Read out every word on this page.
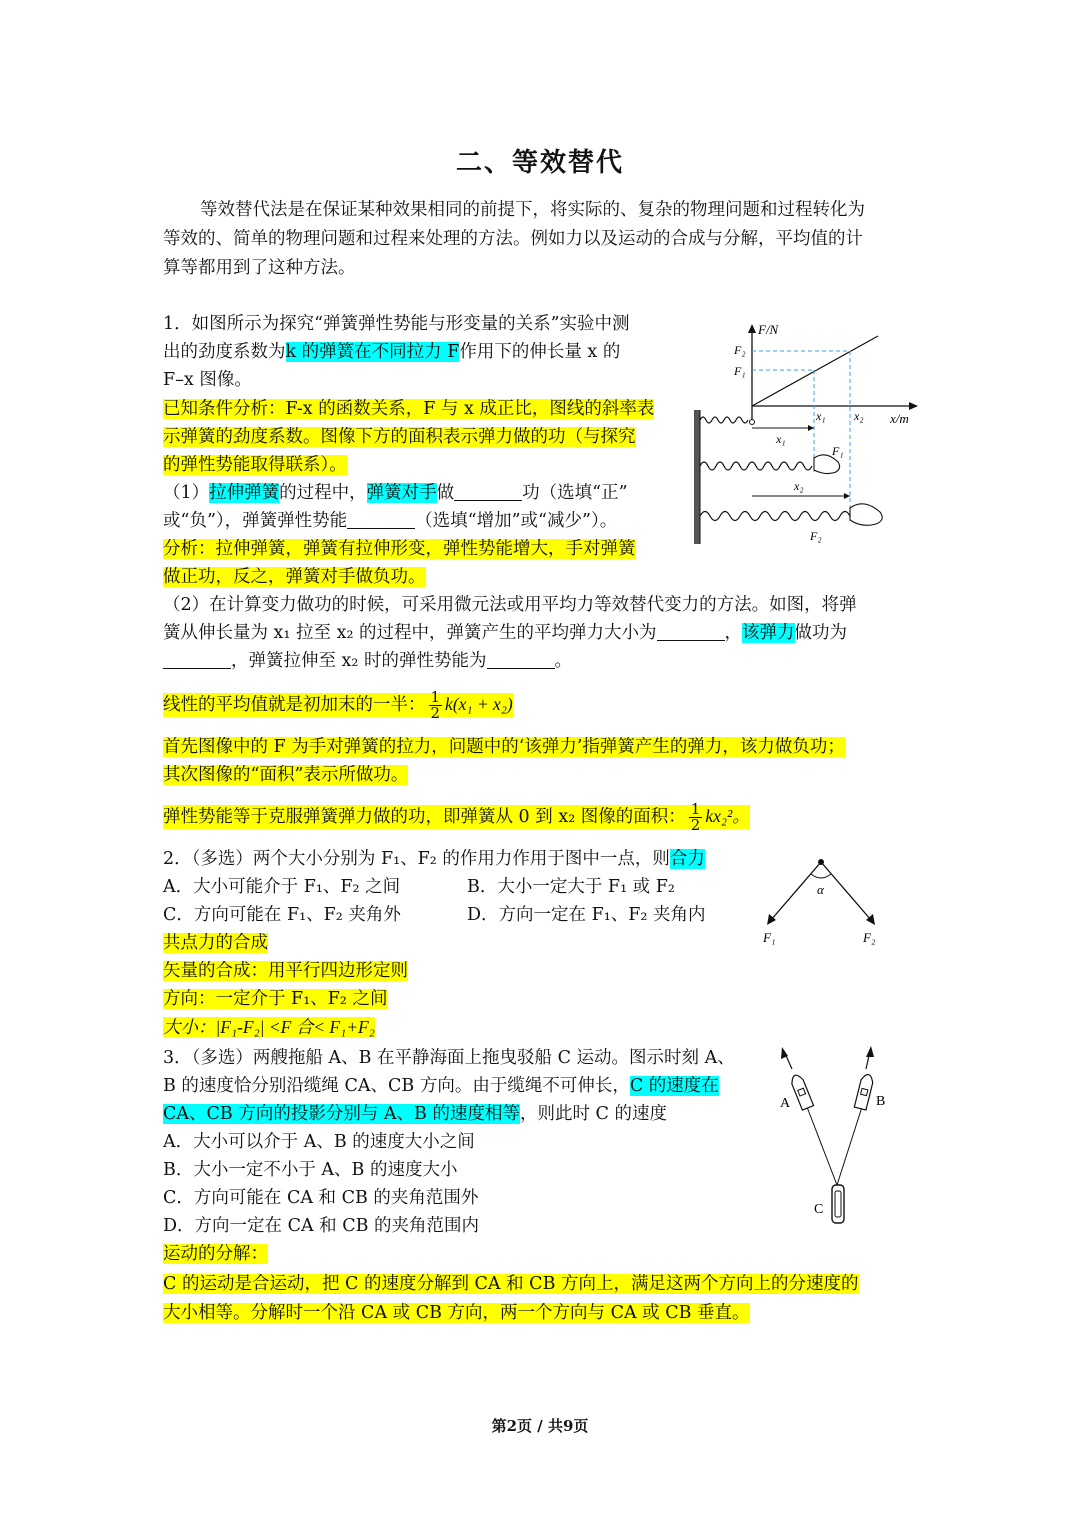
二、等效替代
等效替代法是在保证某种效果相同的前提下，将实际的、复杂的物理问题和过程转化为
等效的、简单的物理问题和过程来处理的方法。例如力以及运动的合成与分解，平均值的计
算等都用到了这种方法。
1．如图所示为探究“弹簧弹性势能与形变量的关系”实验中测
出的劲度系数为k 的弹簧在不同拉力 F作用下的伸长量 x 的
F–x 图像。
已知条件分析：F-x 的函数关系，F 与 x 成正比，图线的斜率表
示弹簧的劲度系数。图像下方的面积表示弹力做的功（与探究
的弹性势能取得联系）。
（1）拉伸弹簧的过程中，弹簧对手做	功（选填“正”
或“负”），弹簧弹性势能	（选填“增加”或“减少”）。
分析：拉伸弹簧，弹簧有拉伸形变，弹性势能增大，手对弹簧
做正功，反之，弹簧对手做负功。
（2）在计算变力做功的时候，可采用微元法或用平均力等效替代变力的方法。如图，将弹
簧从伸长量为 x₁ 拉至 x₂ 的过程中，弹簧产生的平均弹力大小为	，该弹力做功为
，弹簧拉伸至 x₂ 时的弹性势能为	。
线性的平均值就是初加末的一半： $\frac{1}{2} k(x_1 + x_2)$
首先图像中的 F 为手对弹簧的拉力，问题中的‘该弹力’指弹簧产生的弹力，该力做负功；
其次图像的“面积”表示所做功。
弹性势能等于克服弹簧弹力做的功，即弹簧从 0 到 x₂ 图像的面积： $\frac{1}{2} kx_2^2$。
F/N
x/m
F₂
F₁
x₁ x₂
x₁
F₁
x₂
F₂
2．（多选）两个大小分别为 F₁、F₂ 的作用力作用于图中一点，则合力
A．大小可能介于 F₁、F₂ 之间	B．大小一定大于 F₁ 或 F₂
C．方向可能在 F₁、F₂ 夹角外	D．方向一定在 F₁、F₂ 夹角内
共点力的合成
矢量的合成：用平行四边形定则
方向：一定介于 F₁、F₂ 之间
大小：|F₁-F₂| <F 合< F₁+F₂
α
F₁	F₂
3．（多选）两艘拖船 A、B 在平静海面上拖曳驳船 C 运动。图示时刻 A、
B 的速度恰分别沿缆绳 CA、CB 方向。由于缆绳不可伸长，C 的速度在
CA、CB 方向的投影分别与 A、B 的速度相等，则此时 C 的速度
A．大小可以介于 A、B 的速度大小之间
B．大小一定不小于 A、B 的速度大小
C．方向可能在 CA 和 CB 的夹角范围外
D．方向一定在 CA 和 CB 的夹角范围内
运动的分解：
C 的运动是合运动，把 C 的速度分解到 CA 和 CB 方向上，满足这两个方向上的分速度的
大小相等。分解时一个沿 CA 或 CB 方向，两一个方向与 CA 或 CB 垂直。
A	B
C
第2页 / 共9页
